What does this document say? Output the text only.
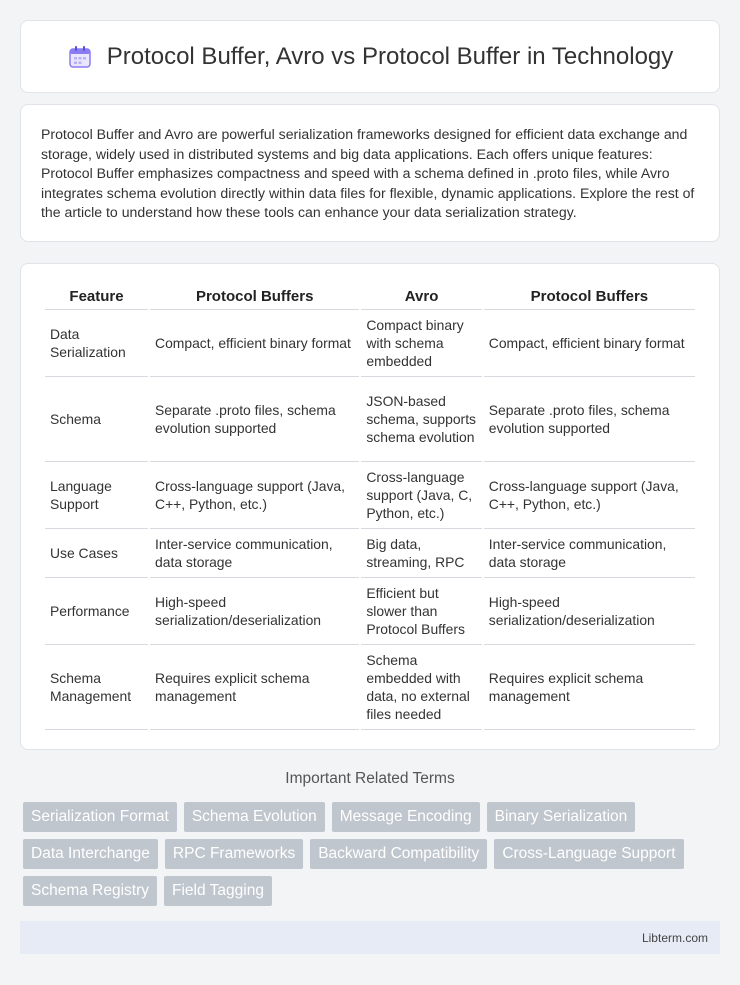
Protocol Buffer, Avro vs Protocol Buffer in Technology

Protocol Buffer and Avro are powerful serialization frameworks designed for efficient data exchange and storage, widely used in distributed systems and big data applications. Each offers unique features: Protocol Buffer emphasizes compactness and speed with a schema defined in .proto files, while Avro integrates schema evolution directly within data files for flexible, dynamic applications. Explore the rest of the article to understand how these tools can enhance your data serialization strategy.

Feature	Protocol Buffers	Avro	Protocol Buffers
Data Serialization	Compact, efficient binary format	Compact binary with schema embedded	Compact, efficient binary format
Schema	Separate .proto files, schema evolution supported	JSON-based schema, supports schema evolution	Separate .proto files, schema evolution supported
Language Support	Cross-language support (Java, C++, Python, etc.)	Cross-language support (Java, C, Python, etc.)	Cross-language support (Java, C++, Python, etc.)
Use Cases	Inter-service communication, data storage	Big data, streaming, RPC	Inter-service communication, data storage
Performance	High-speed serialization/deserialization	Efficient but slower than Protocol Buffers	High-speed serialization/deserialization
Schema Management	Requires explicit schema management	Schema embedded with data, no external files needed	Requires explicit schema management
Important Related Terms
Serialization Format	Schema Evolution	Message Encoding	Binary Serialization
Data Interchange	RPC Frameworks	Backward Compatibility	Cross-Language Support
Schema Registry	Field Tagging
Libterm.com
